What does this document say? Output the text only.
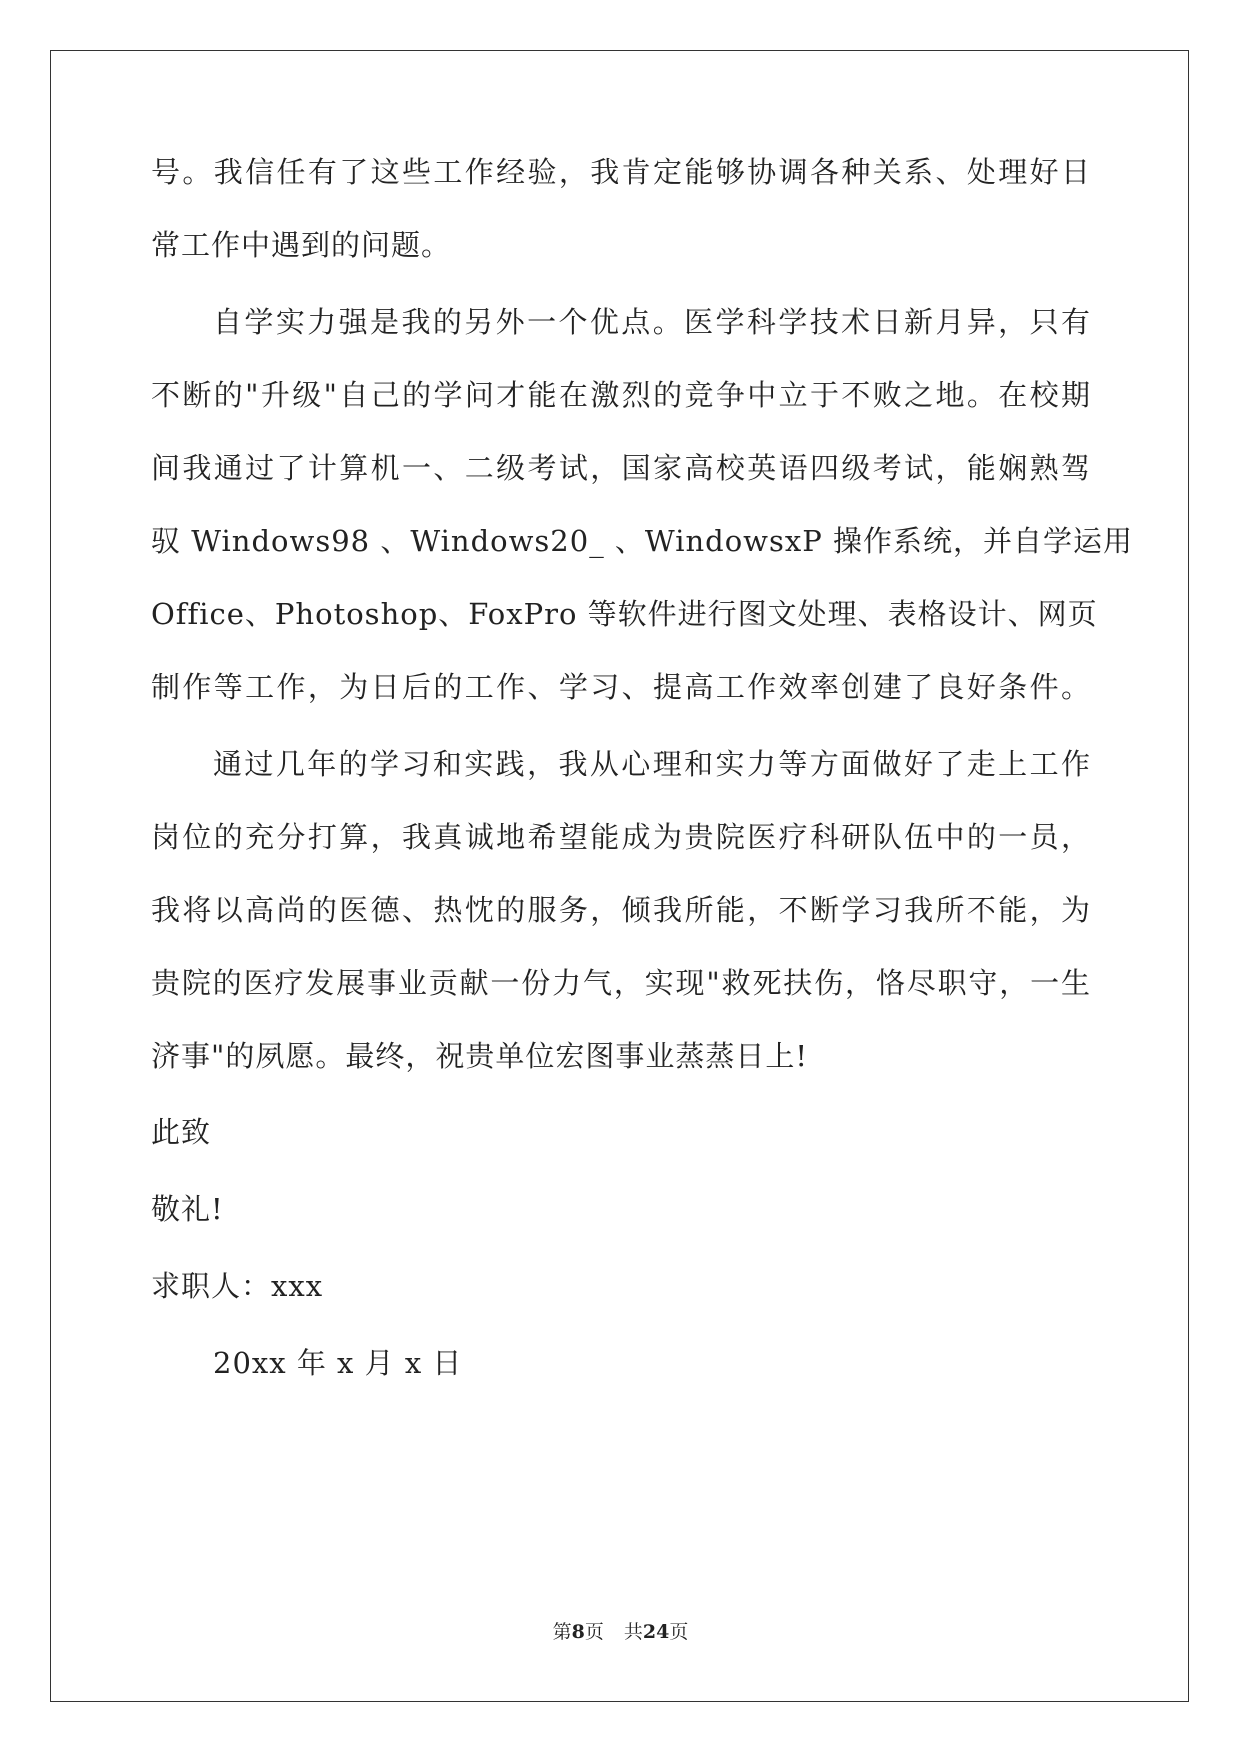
号。我信任有了这些工作经验，我肯定能够协调各种关系、处理好日
常工作中遇到的问题。
自学实力强是我的另外一个优点。医学科学技术日新月异，只有
不断的"升级"自己的学问才能在激烈的竞争中立于不败之地。在校期
间我通过了计算机一、二级考试，国家高校英语四级考试，能娴熟驾
驭 Windows98 、Windows20_ 、WindowsxP 操作系统，并自学运用
Office、Photoshop、FoxPro 等软件进行图文处理、表格设计、网页
制作等工作，为日后的工作、学习、提高工作效率创建了良好条件。
通过几年的学习和实践，我从心理和实力等方面做好了走上工作
岗位的充分打算，我真诚地希望能成为贵院医疗科研队伍中的一员，
我将以高尚的医德、热忱的服务，倾我所能，不断学习我所不能，为
贵院的医疗发展事业贡献一份力气，实现"救死扶伤，恪尽职守，一生
济事"的夙愿。最终，祝贵单位宏图事业蒸蒸日上!
此致
敬礼!
求职人：xxx
20xx 年 x 月 x 日
第8页 共24页
